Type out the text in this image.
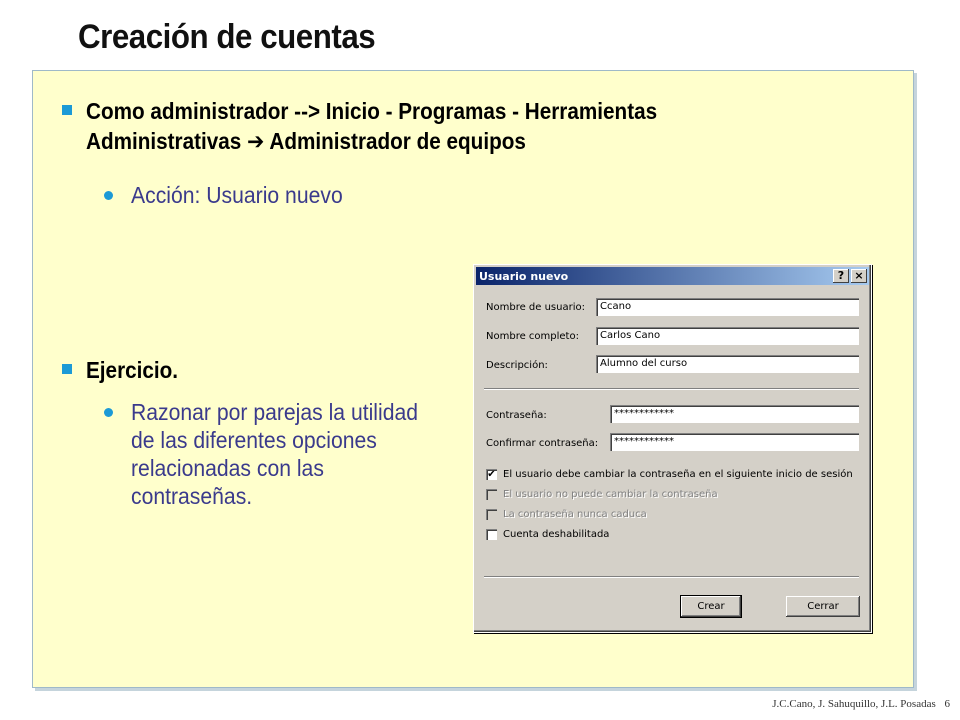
Creación de cuentas
Como administrador --> Inicio - Programas - Herramientas
Administrativas ➔ Administrador de equipos
Acción: Usuario nuevo
Ejercicio.
Razonar por parejas la utilidad de las diferentes opciones relacionadas con las contraseñas.
Usuario nuevo	? ×
Nombre de usuario:	Ccano
Nombre completo:	Carlos Cano
Descripción:	Alumno del curso
Contraseña:	************
Confirmar contraseña:	************
✔ El usuario debe cambiar la contraseña en el siguiente inicio de sesión
El usuario no puede cambiar la contraseña
La contraseña nunca caduca
Cuenta deshabilitada
Crear	Cerrar
J.C.Cano, J. Sahuquillo, J.L. Posadas 6
